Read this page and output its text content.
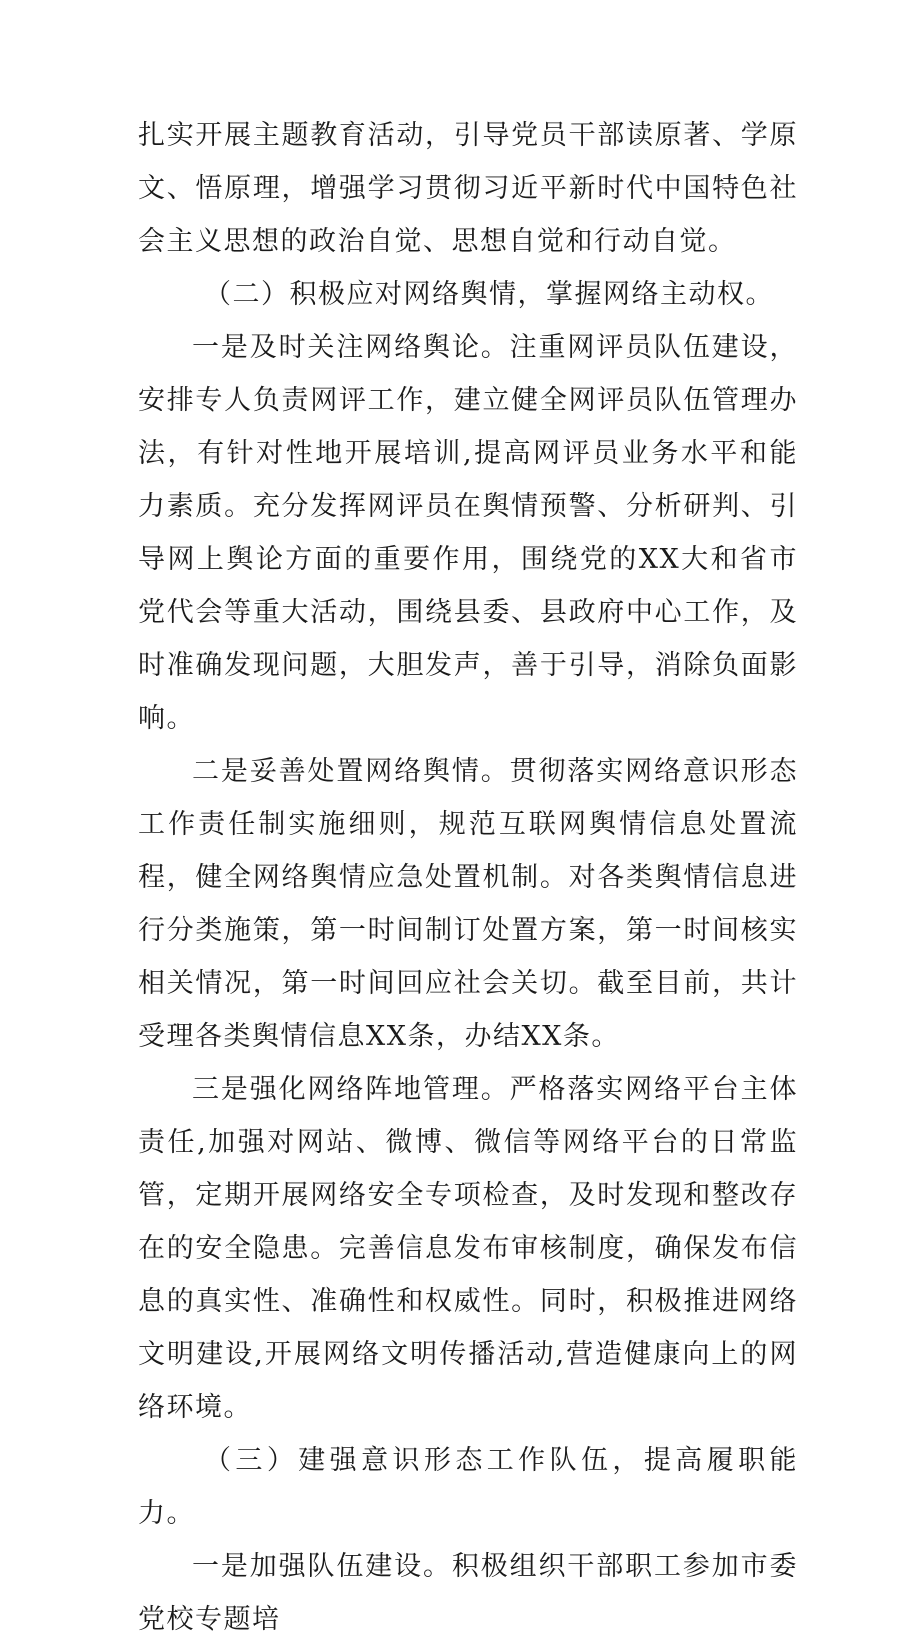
扎实开展主题教育活动，引导党员干部读原著、学原文、悟原理，增强学习贯彻习近平新时代中国特色社会主义思想的政治自觉、思想自觉和行动自觉。

（二）积极应对网络舆情，掌握网络主动权。

一是及时关注网络舆论。注重网评员队伍建设，安排专人负责网评工作，建立健全网评员队伍管理办法，有针对性地开展培训,提高网评员业务水平和能力素质。充分发挥网评员在舆情预警、分析研判、引导网上舆论方面的重要作用，围绕党的XX大和省市党代会等重大活动，围绕县委、县政府中心工作，及时准确发现问题，大胆发声，善于引导，消除负面影响。

二是妥善处置网络舆情。贯彻落实网络意识形态工作责任制实施细则，规范互联网舆情信息处置流程，健全网络舆情应急处置机制。对各类舆情信息进行分类施策，第一时间制订处置方案，第一时间核实相关情况，第一时间回应社会关切。截至目前，共计受理各类舆情信息XX条，办结XX条。

三是强化网络阵地管理。严格落实网络平台主体责任,加强对网站、微博、微信等网络平台的日常监管，定期开展网络安全专项检查，及时发现和整改存在的安全隐患。完善信息发布审核制度，确保发布信息的真实性、准确性和权威性。同时，积极推进网络文明建设,开展网络文明传播活动,营造健康向上的网络环境。

（三）建强意识形态工作队伍，提高履职能力。

一是加强队伍建设。积极组织干部职工参加市委党校专题培
